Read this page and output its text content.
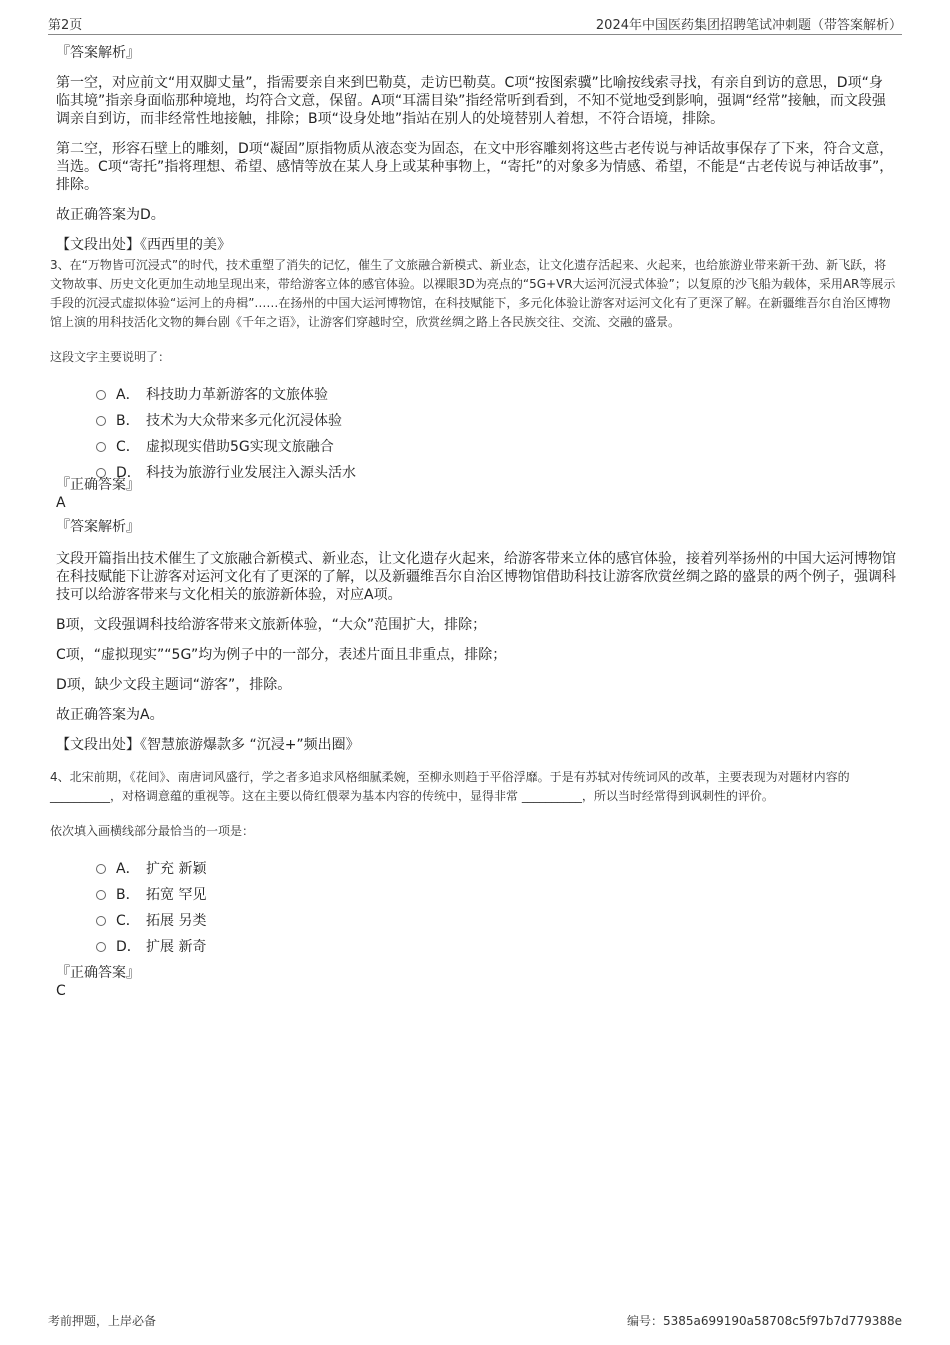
第2页	2024年中国医药集团招聘笔试冲刺题（带答案解析）
『答案解析』

第一空，对应前文“用双脚丈量”，指需要亲自来到巴勒莫，走访巴勒莫。C项“按图索骥”比喻按线索寻找，有亲自到访的意思，D项“身临其境”指亲身面临那种境地，均符合文意，保留。A项“耳濡目染”指经常听到看到，不知不觉地受到影响，强调“经常”接触，而文段强调亲自到访，而非经常性地接触，排除；B项“设身处地”指站在别人的处境替别人着想，不符合语境，排除。

第二空，形容石壁上的雕刻，D项“凝固”原指物质从液态变为固态，在文中形容雕刻将这些古老传说与神话故事保存了下来，符合文意，当选。C项“寄托”指将理想、希望、感情等放在某人身上或某种事物上，“寄托”的对象多为情感、希望，不能是“古老传说与神话故事”，排除。

故正确答案为D。

【文段出处】《西西里的美》

3、在“万物皆可沉浸式”的时代，技术重塑了消失的记忆，催生了文旅融合新模式、新业态，让文化遗存活起来、火起来，也给旅游业带来新干劲、新飞跃，将文物故事、历史文化更加生动地呈现出来，带给游客立体的感官体验。以裸眼3D为亮点的“5G+VR大运河沉浸式体验”；以复原的沙飞船为载体，采用AR等展示手段的沉浸式虚拟体验“运河上的舟楫”……在扬州的中国大运河博物馆，在科技赋能下，多元化体验让游客对运河文化有了更深了解。在新疆维吾尔自治区博物馆上演的用科技活化文物的舞台剧《千年之语》，让游客们穿越时空，欣赏丝绸之路上各民族交往、交流、交融的盛景。

这段文字主要说明了：

A． 科技助力革新游客的文旅体验
B． 技术为大众带来多元化沉浸体验
C． 虚拟现实借助5G实现文旅融合
D． 科技为旅游行业发展注入源头活水
『正确答案』
A
『答案解析』

文段开篇指出技术催生了文旅融合新模式、新业态，让文化遗存火起来，给游客带来立体的感官体验，接着列举扬州的中国大运河博物馆在科技赋能下让游客对运河文化有了更深的了解，以及新疆维吾尔自治区博物馆借助科技让游客欣赏丝绸之路的盛景的两个例子，强调科技可以给游客带来与文化相关的旅游新体验，对应A项。

B项，文段强调科技给游客带来文旅新体验，“大众”范围扩大，排除；

C项，“虚拟现实”“5G”均为例子中的一部分，表述片面且非重点，排除；

D项，缺少文段主题词“游客”，排除。

故正确答案为A。

【文段出处】《智慧旅游爆款多 “沉浸+”频出圈》

4、北宋前期，《花间》、南唐词风盛行，学之者多追求风格细腻柔婉，至柳永则趋于平俗浮靡。于是有苏轼对传统词风的改革，主要表现为对题材内容的 __________，对格调意蕴的重视等。这在主要以倚红偎翠为基本内容的传统中，显得非常 __________，所以当时经常得到讽刺性的评价。

依次填入画横线部分最恰当的一项是：

A． 扩充 新颖
B． 拓宽 罕见
C． 拓展 另类
D． 扩展 新奇
『正确答案』
C
考前押题，上岸必备	编号：5385a699190a58708c5f97b7d779388e
